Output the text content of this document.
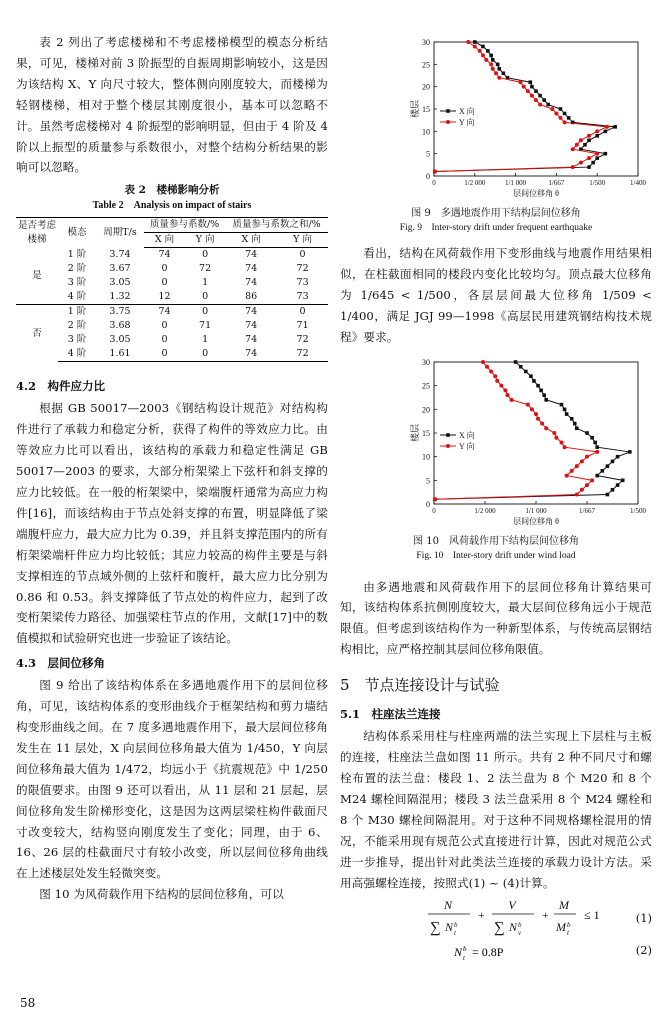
表 2 列出了考虑楼梯和不考虑楼梯模型的模态分析结果，可见，楼梯对前 3 阶振型的自振周期影响较小，这是因为该结构 X、Y 向尺寸较大，整体侧向刚度较大，而楼梯为轻钢楼梯，相对于整个楼层其刚度很小，基本可以忽略不计。虽然考虑楼梯对 4 阶振型的影响明显，但由于 4 阶及 4 阶以上振型的质量参与系数很小，对整个结构分析结果的影响可以忽略。

表 2　楼梯影响分析
Table 2　Analysis on impact of stairs
是否考虑楼梯	模态	周期T/s	质量参与系数/%		质量参与系数之和/%	
			X 向	Y 向	X 向	Y 向
是	1 阶	3.74	74	0	74	0
	2 阶	3.67	0	72	74	72
	3 阶	3.05	0	1	74	73
	4 阶	1.32	12	0	86	73
否	1 阶	3.75	74	0	74	0
	2 阶	3.68	0	71	74	71
	3 阶	3.05	0	1	74	72
	4 阶	1.61	0	0	74	72
4.2　构件应力比

根据 GB 50017—2003《钢结构设计规范》对结构构件进行了承载力和稳定分析，获得了构件的等效应力比。由等效应力比可以看出，该结构的承载力和稳定性满足 GB 50017—2003 的要求，大部分桁架梁上下弦杆和斜支撑的应力比较低。在一般的桁架梁中，梁端腹杆通常为高应力构件[16]，而该结构由于节点处斜支撑的布置，明显降低了梁端腹杆应力，最大应力比为 0.39，并且斜支撑范围内的所有桁架梁端杆件应力均比较低；其应力较高的构件主要是与斜支撑相连的节点域外侧的上弦杆和腹杆，最大应力比分别为 0.86 和 0.53。斜支撑降低了节点处的构件应力，起到了改变桁架梁传力路径、加强梁柱节点的作用，文献[17]中的数值模拟和试验研究也进一步验证了该结论。

4.3　层间位移角

图 9 给出了该结构体系在多遇地震作用下的层间位移角，可见，该结构体系的变形曲线介于框架结构和剪力墙结构变形曲线之间。在 7 度多遇地震作用下，最大层间位移角发生在 11 层处，X 向层间位移角最大值为 1/450，Y 向层间位移角最大值为 1/472，均远小于《抗震规范》中 1/250 的限值要求。由图 9 还可以看出，从 11 层和 21 层起，层间位移角发生阶梯形变化，这是因为这两层梁柱构件截面尺寸改变较大，结构竖向刚度发生了变化；同理，由于 6、16、26 层的柱截面尺寸有较小改变，所以层间位移角曲线在上述楼层处发生轻微突变。

图 10 为风荷载作用下结构的层间位移角，可以

0
5
10
15
20
25
30
0	1/2 000	1/1 000	1/667	1/500	1/400
楼层
层间位移角 θ
X 向
Y 向
图 9　多遇地震作用下结构层间位移角
Fig. 9　Inter-story drift under frequent earthquake

看出，结构在风荷载作用下变形曲线与地震作用结果相似，在柱截面相同的楼段内变化比较均匀。顶点最大位移角为 1/645 < 1/500，各层层间最大位移角 1/509 < 1/400，满足 JGJ 99—1998《高层民用建筑钢结构技术规程》要求。

0
5
10
15
20
25
30
0	1/2 000	1/1 000	1/667	1/500
楼层
层间位移角 θ
X 向
Y 向
图 10　风荷载作用下结构层间位移角
Fig. 10　Inter-story drift under wind load

由多遇地震和风荷载作用下的层间位移角计算结果可知，该结构体系抗侧刚度较大，最大层间位移角远小于规范限值。但考虑到该结构作为一种新型体系，与传统高层钢结构相比，应严格控制其层间位移角限值。

5　节点连接设计与试验
5.1　柱座法兰连接

结构体系采用柱与柱座两端的法兰实现上下层柱与主板的连接，柱座法兰盘如图 11 所示。共有 2 种不同尺寸和螺栓布置的法兰盘：楼段 1、2 法兰盘为 8 个 M20 和 8 个 M24 螺栓间隔混用；楼段 3 法兰盘采用 8 个 M24 螺栓和 8 个 M30 螺栓间隔混用。对于这种不同规格螺栓混用的情况，不能采用现有规范公式直接进行计算，因此对规范公式进一步推导，提出针对此类法兰连接的承载力设计方法。采用高强螺栓连接，按照式(1) ~ (4)计算。

N
∑ N b
t
+
V
∑ N b
v
+
M
M b
t
≤ 1	(1)
N b
t = 0.8P	(2)
58
